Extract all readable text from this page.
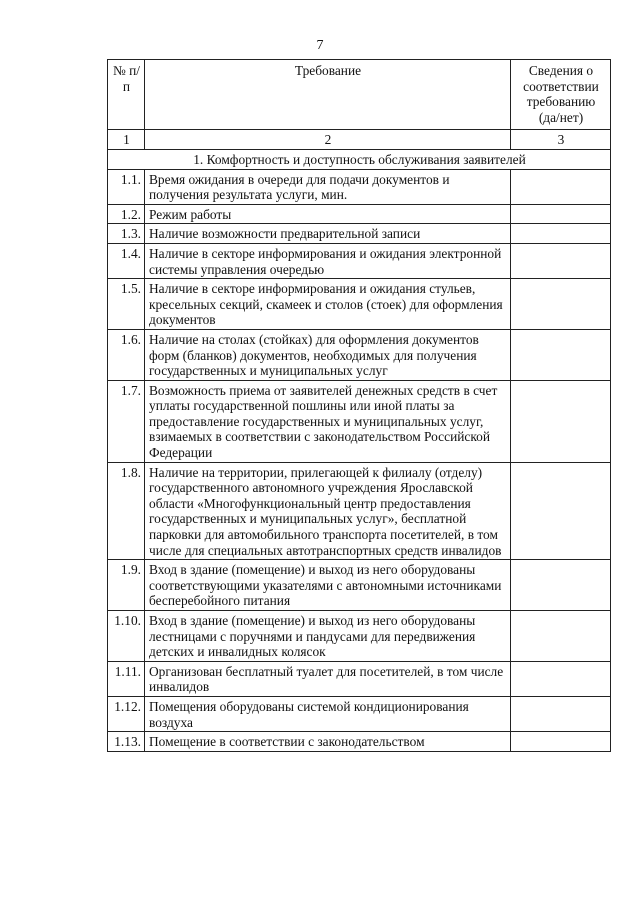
7
№ п/п	Требование	Сведения о соответствии требованию (да/нет)
1	2	3
1. Комфортность и доступность обслуживания заявителей		
1.1.	Время ожидания в очереди для подачи документов и получения результата услуги, мин.	
1.2.	Режим работы	
1.3.	Наличие возможности предварительной записи	
1.4.	Наличие в секторе информирования и ожидания электронной системы управления очередью	
1.5.	Наличие в секторе информирования и ожидания стульев, кресельных секций, скамеек и столов (стоек) для оформления документов	
1.6.	Наличие на столах (стойках) для оформления документов форм (бланков) документов, необходимых для получения государственных и муниципальных услуг	
1.7.	Возможность приема от заявителей денежных средств в счет уплаты государственной пошлины или иной платы за предоставление государственных и муниципальных услуг, взимаемых в соответствии с законодательством Российской Федерации	
1.8.	Наличие на территории, прилегающей к филиалу (отделу) государственного автономного учреждения Ярославской области «Многофункциональный центр предоставления государственных и муниципальных услуг», бесплатной парковки для автомобильного транспорта посетителей, в том числе для специальных автотранспортных средств инвалидов	
1.9.	Вход в здание (помещение) и выход из него оборудованы соответствующими указателями с автономными источниками бесперебойного питания	
1.10.	Вход в здание (помещение) и выход из него оборудованы лестницами с поручнями и пандусами для передвижения детских и инвалидных колясок	
1.11.	Организован бесплатный туалет для посетителей, в том числе инвалидов	
1.12.	Помещения оборудованы системой кондиционирования воздуха	
1.13.	Помещение в соответствии с законодательством	
